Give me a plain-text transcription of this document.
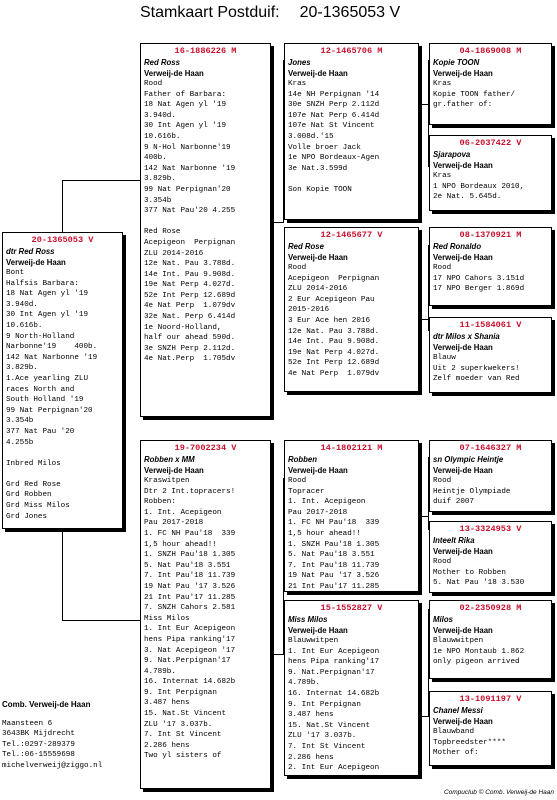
Stamkaart Postduif: 20-1365053 V
20-1365053 V
dtr Red Ross
Verweij-de Haan
Bont
Halfsis Barbara:
18 Nat Agen yl '19
3.940d.
30 Int Agen yl '19
10.616b.
9 North-Holland
Narbonne'19    400b.
142 Nat Narbonne '19
3.829b.
1.Ace yearling ZLU
races North and
South Holland '19
99 Nat Perpignan'20
3.354b
377 Nat Pau '20
4.255b

Inbred Milos

Grd Red Rose
Grd Robben
Grd Miss Milos
Grd Jones
16-1886226 M
Red Ross
Verweij-de Haan
Rood
Father of Barbara:
18 Nat Agen yl '19
3.940d.
30 Int Agen yl '19
10.616b.
9 N-Hol Narbonne'19
400b.
142 Nat Narbonne '19
3.829b.
99 Nat Perpignan'20
3.354b
377 Nat Pau'20 4.255

Red Rose
Acepigeon  Perpignan
ZLU 2014-2016
12e Nat. Pau 3.788d.
14e Int. Pau 9.908d.
19e Nat Perp 4.027d.
52e Int Perp 12.689d
4e Nat Perp  1.079dv
32e Nat. Perp 6.414d
1e Noord-Holland,
half our ahead 590d.
3e SNZH Perp 2.112d.
4e Nat.Perp  1.705dv
19-7002234 V
Robben x MM
Verweij-de Haan
Kraswitpen
Dtr 2 Int.topracers!
Robben:
1. Int. Acepigeon
Pau 2017-2018
1. FC NH Pau'18  339
1,5 hour ahead!!
1. SNZH Pau'18 1.305
5. Nat Pau'18 3.551
7. Int Pau'18 11.739
19 Nat Pau '17 3.526
21 Int Pau'17 11.285
7. SNZH Cahors 2.581
Miss Milos
1. Int Eur Acepigeon
hens Pipa ranking'17
3. Nat Acepigeon '17
9. Nat.Perpignan'17
4.789b.
16. Internat 14.682b
9. Int Perpignan
3.487 hens
15. Nat.St Vincent
ZLU '17 3.037b.
7. Int St Vincent
2.286 hens
Two yl sisters of
12-1465706 M
Jones
Verweij-de Haan
Kras
14e NH Perpignan '14
30e SNZH Perp 2.112d
107e Nat Perp 6.414d
107e Nat St Vincent
3.008d.'15
Volle broer Jack
1e NPO Bordeaux-Agen
3e Nat.3.599d

Son Kopie TOON
12-1465677 V
Red Rose
Verweij-de Haan
Rood
Acepigeon  Perpignan
ZLU 2014-2016
2 Eur Acepigeon Pau
2015-2016
3 Eur Ace hen 2016
12e Nat. Pau 3.788d.
14e Int. Pau 9.908d.
19e Nat Perp 4.027d.
52e Int Perp 12.689d
4e Nat Perp  1.079dv
14-1802121 M
Robben
Verweij-de Haan
Rood
Topracer
1. Int. Acepigeon
Pau 2017-2018
1. FC NH Pau'18  339
1,5 hour ahead!!
1. SNZH Pau'18 1.305
5. Nat Pau'18 3.551
7. Int Pau'18 11.739
19 Nat Pau '17 3.526
21 Int Pau'17 11.285
15-1552827 V
Miss Milos
Verweij-de Haan
Blauwwitpen
1. Int Eur Acepigeon
hens Pipa ranking'17
9. Nat.Perpignan'17
4.789b.
16. Internat 14.682b
9. Int Perpignan
3.487 hens
15. Nat.St Vincent
ZLU '17 3.037b.
7. Int St Vincent
2.286 hens
2. Int Eur Acepigeon
04-1869008 M
Kopie TOON
Verweij-de Haan
Kras
Kopie TOON father/
gr.father of:
06-2037422 V
Sjarapova
Verweij-de Haan
Kras
1 NPO Bordeaux 2010,
2e Nat. 5.645d.
08-1370921 M
Red Ronaldo
Verweij-de Haan
Rood
17 NPO Cahors 3.151d
17 NPO Berger 1.869d
11-1584061 V
dtr Milos x Shania
Verweij-de Haan
Blauw
Uit 2 superkwekers!
Zelf moeder van Red
07-1646327 M
sn Olympic Heintje
Verweij-de Haan
Rood
Heintje Olympiade
duif 2007
13-3324953 V
Inteelt Rika
Verweij-de Haan
Rood
Mother to Robben
5. Nat Pau '18 3.530
02-2350928 M
Milos
Verweij-de Haan
Blauwwitpen
1e NPO Montaub 1.862
only pigeon arrived
13-1091197 V
Chanel Messi
Verweij-de Haan
Blauwband
Topbreedster****
Mother of:
Comb. Verweij-de Haan
Maansteen 6
3643BK Mijdrecht
Tel.:0297-289379
Tel.:06-15559698
michelverweij@ziggo.nl
Compuclub © Comb. Verweij-de Haan
